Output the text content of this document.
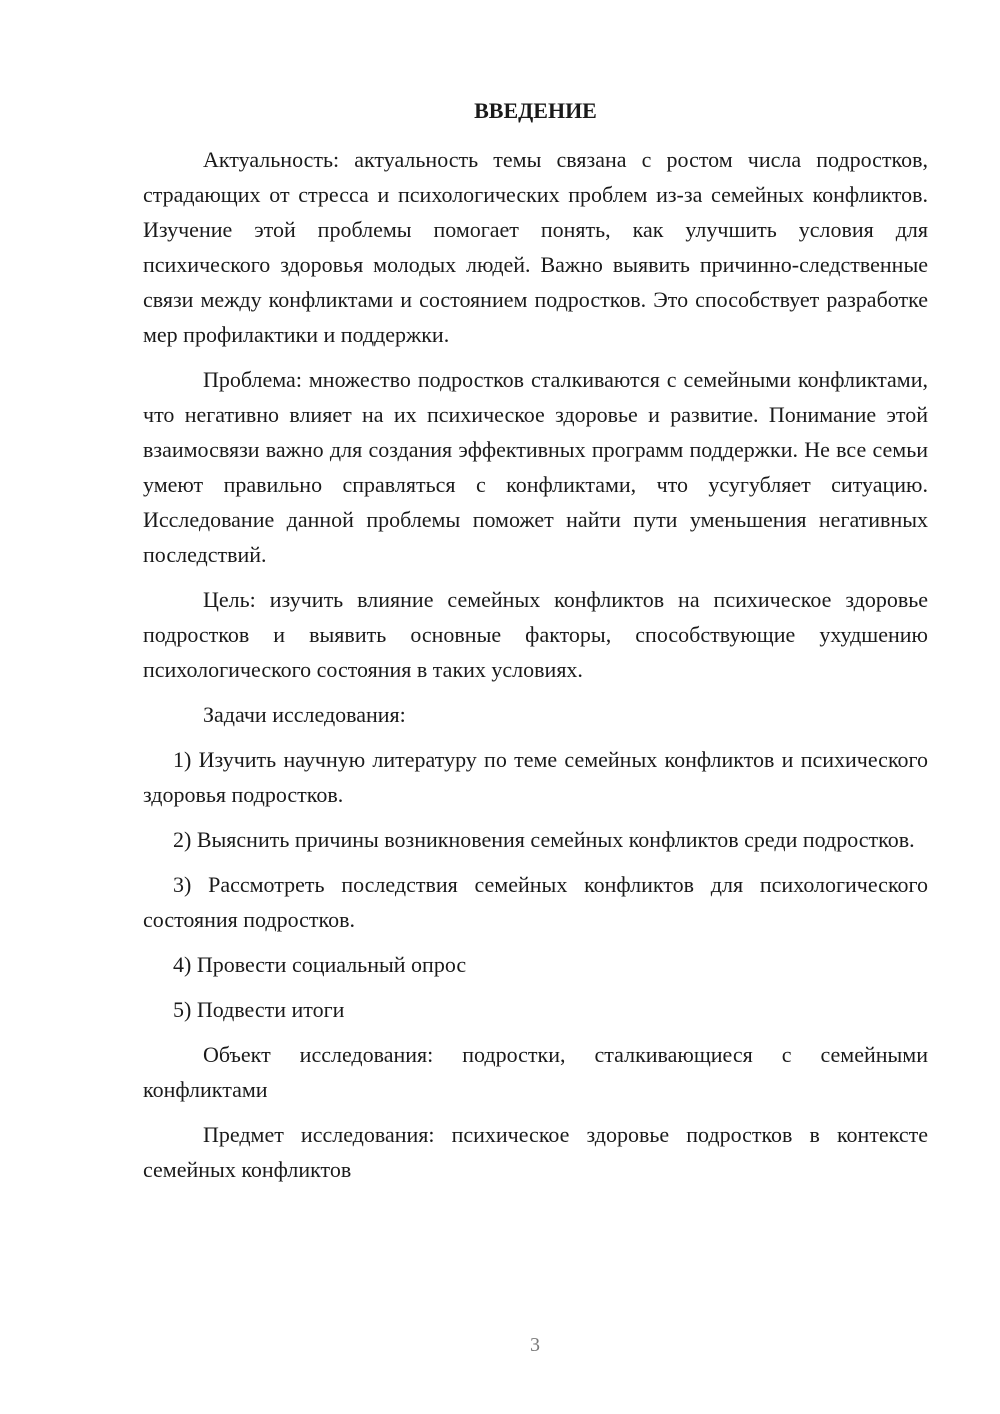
ВВЕДЕНИЕ

Актуальность: актуальность темы связана с ростом числа подростков, страдающих от стресса и психологических проблем из-за семейных конфликтов. Изучение этой проблемы помогает понять, как улучшить условия для психического здоровья молодых людей. Важно выявить причинно-следственные связи между конфликтами и состоянием подростков. Это способствует разработке мер профилактики и поддержки.

Проблема: множество подростков сталкиваются с семейными конфликтами, что негативно влияет на их психическое здоровье и развитие. Понимание этой взаимосвязи важно для создания эффективных программ поддержки. Не все семьи умеют правильно справляться с конфликтами, что усугубляет ситуацию. Исследование данной проблемы поможет найти пути уменьшения негативных последствий.

Цель: изучить влияние семейных конфликтов на психическое здоровье подростков и выявить основные факторы, способствующие ухудшению психологического состояния в таких условиях.

Задачи исследования:

1) Изучить научную литературу по теме семейных конфликтов и психического здоровья подростков.

2) Выяснить причины возникновения семейных конфликтов среди подростков.

3) Рассмотреть последствия семейных конфликтов для психологического состояния подростков.

4) Провести социальный опрос

5) Подвести итоги

Объект исследования: подростки, сталкивающиеся с семейными конфликтами

Предмет исследования: психическое здоровье подростков в контексте семейных конфликтов

3
